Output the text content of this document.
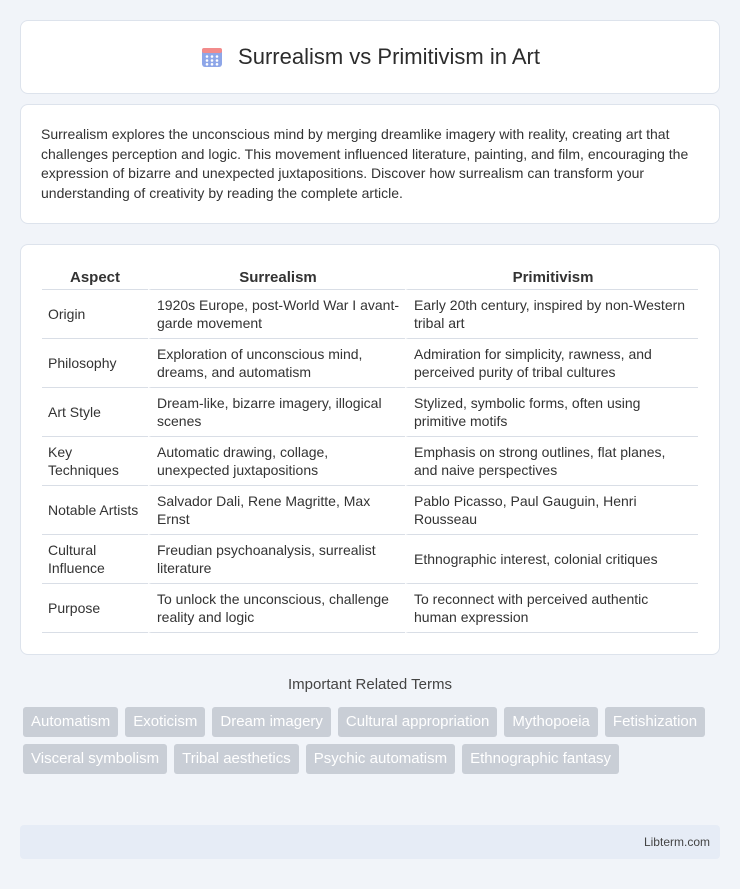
Surrealism vs Primitivism in Art

Surrealism explores the unconscious mind by merging dreamlike imagery with reality, creating art that challenges perception and logic. This movement influenced literature, painting, and film, encouraging the expression of bizarre and unexpected juxtapositions. Discover how surrealism can transform your understanding of creativity by reading the complete article.

Aspect	Surrealism	Primitivism
Origin	1920s Europe, post-World War I avant-garde movement	Early 20th century, inspired by non-Western tribal art
Philosophy	Exploration of unconscious mind, dreams, and automatism	Admiration for simplicity, rawness, and perceived purity of tribal cultures
Art Style	Dream-like, bizarre imagery, illogical scenes	Stylized, symbolic forms, often using primitive motifs
Key Techniques	Automatic drawing, collage, unexpected juxtapositions	Emphasis on strong outlines, flat planes, and naive perspectives
Notable Artists	Salvador Dali, Rene Magritte, Max Ernst	Pablo Picasso, Paul Gauguin, Henri Rousseau
Cultural Influence	Freudian psychoanalysis, surrealist literature	Ethnographic interest, colonial critiques
Purpose	To unlock the unconscious, challenge reality and logic	To reconnect with perceived authentic human expression
Important Related Terms
Automatism	Exoticism	Dream imagery	Cultural appropriation	Mythopoeia	Fetishization
Visceral symbolism	Tribal aesthetics	Psychic automatism	Ethnographic fantasy
Libterm.com
